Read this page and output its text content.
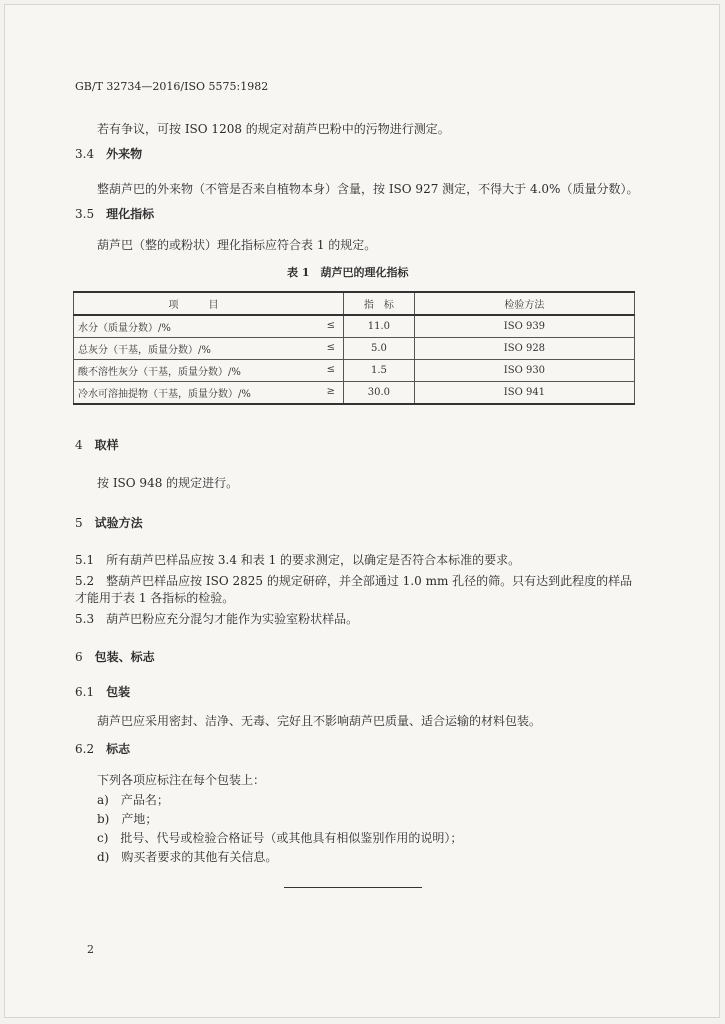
GB/T 32734—2016/ISO 5575:1982
若有争议，可按 ISO 1208 的规定对葫芦巴粉中的污物进行测定。
3.4　 外来物
整葫芦巴的外来物（不管是否来自植物本身）含量，按 ISO 927 测定，不得大于 4.0%（质量分数）。
3.5　 理化指标
葫芦巴（整的或粉状）理化指标应符合表 1 的规定。
表 1　葫芦巴的理化指标
项目	指　标	检验方法
水分（质量分数）/% ≤	11.0	ISO 939
总灰分（干基，质量分数）/% ≤	5.0	ISO 928
酸不溶性灰分（干基，质量分数）/% ≤	1.5	ISO 930
冷水可溶抽提物（干基，质量分数）/% ≥	30.0	ISO 941
4　 取样
按 ISO 948 的规定进行。
5　 试验方法
5.1　所有葫芦巴样品应按 3.4 和表 1 的要求测定，以确定是否符合本标准的要求。
5.2　整葫芦巴样品应按 ISO 2825 的规定研碎，并全部通过 1.0 mm 孔径的筛。只有达到此程度的样品
才能用于表 1 各指标的检验。
5.3　葫芦巴粉应充分混匀才能作为实验室粉状样品。
6　 包装、标志
6.1　 包装
葫芦巴应采用密封、洁净、无毒、完好且不影响葫芦巴质量、适合运输的材料包装。
6.2　 标志
下列各项应标注在每个包装上：
a)　 产品名；
b)　 产地；
c)　 批号、代号或检验合格证号（或其他具有相似鉴别作用的说明）；
d)　 购买者要求的其他有关信息。
2
